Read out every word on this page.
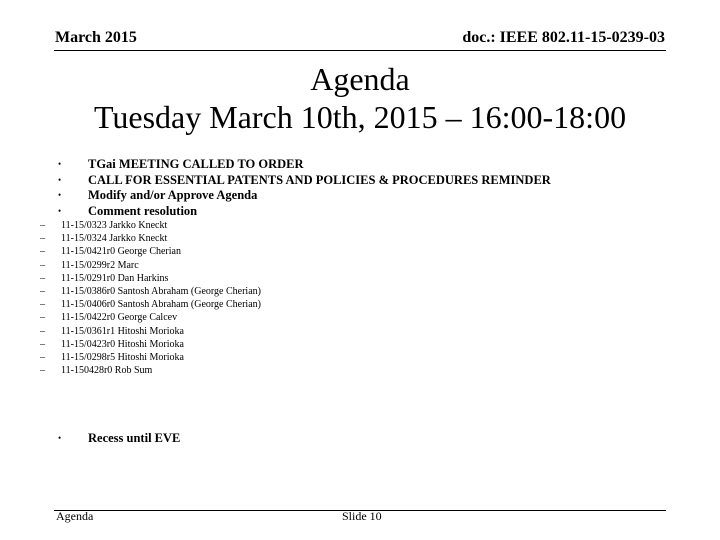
March 2015	doc.: IEEE 802.11-15-0239-03
Agenda
Tuesday March 10th, 2015 – 16:00-18:00
• TGai MEETING CALLED TO ORDER
• CALL FOR ESSENTIAL PATENTS AND POLICIES & PROCEDURES REMINDER
• Modify and/or Approve Agenda
• Comment resolution
– 11-15/0323 Jarkko Kneckt
– 11-15/0324 Jarkko Kneckt
– 11-15/0421r0 George Cherian
– 11-15/0299r2 Marc
– 11-15/0291r0 Dan Harkins
– 11-15/0386r0 Santosh Abraham (George Cherian)
– 11-15/0406r0 Santosh Abraham (George Cherian)
– 11-15/0422r0 George Calcev
– 11-15/0361r1 Hitoshi Morioka
– 11-15/0423r0 Hitoshi Morioka
– 11-15/0298r5 Hitoshi Morioka
– 11-150428r0 Rob Sum
• Recess until EVE
Agenda	Slide 10
